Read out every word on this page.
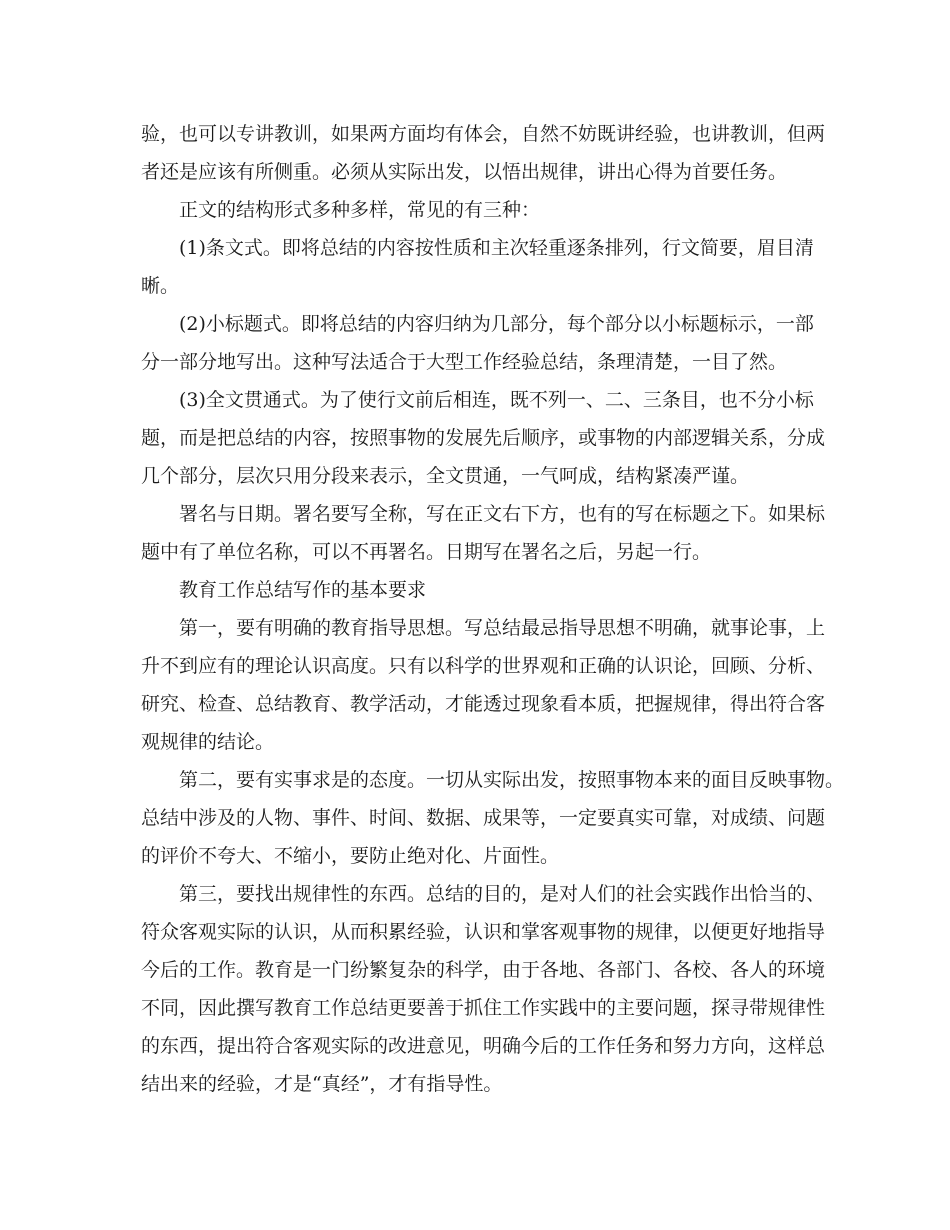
验，也可以专讲教训，如果两方面均有体会，自然不妨既讲经验，也讲教训，但两
者还是应该有所侧重。必须从实际出发，以悟出规律，讲出心得为首要任务。
正文的结构形式多种多样，常见的有三种：
(1)条文式。即将总结的内容按性质和主次轻重逐条排列，行文简要，眉目清
晰。
(2)小标题式。即将总结的内容归纳为几部分，每个部分以小标题标示，一部
分一部分地写出。这种写法适合于大型工作经验总结，条理清楚，一目了然。
(3)全文贯通式。为了使行文前后相连，既不列一、二、三条目，也不分小标
题，而是把总结的内容，按照事物的发展先后顺序，或事物的内部逻辑关系，分成
几个部分，层次只用分段来表示，全文贯通，一气呵成，结构紧凑严谨。
署名与日期。署名要写全称，写在正文右下方，也有的写在标题之下。如果标
题中有了单位名称，可以不再署名。日期写在署名之后，另起一行。
教育工作总结写作的基本要求
第一，要有明确的教育指导思想。写总结最忌指导思想不明确，就事论事，上
升不到应有的理论认识高度。只有以科学的世界观和正确的认识论，回顾、分析、
研究、检查、总结教育、教学活动，才能透过现象看本质，把握规律，得出符合客
观规律的结论。
第二，要有实事求是的态度。一切从实际出发，按照事物本来的面目反映事物。
总结中涉及的人物、事件、时间、数据、成果等，一定要真实可靠，对成绩、问题
的评价不夸大、不缩小，要防止绝对化、片面性。
第三，要找出规律性的东西。总结的目的，是对人们的社会实践作出恰当的、
符众客观实际的认识，从而积累经验，认识和掌客观事物的规律，以便更好地指导
今后的工作。教育是一门纷繁复杂的科学，由于各地、各部门、各校、各人的环境
不同，因此撰写教育工作总结更要善于抓住工作实践中的主要问题，探寻带规律性
的东西，提出符合客观实际的改进意见，明确今后的工作任务和努力方向，这样总
结出来的经验，才是“真经”，才有指导性。
